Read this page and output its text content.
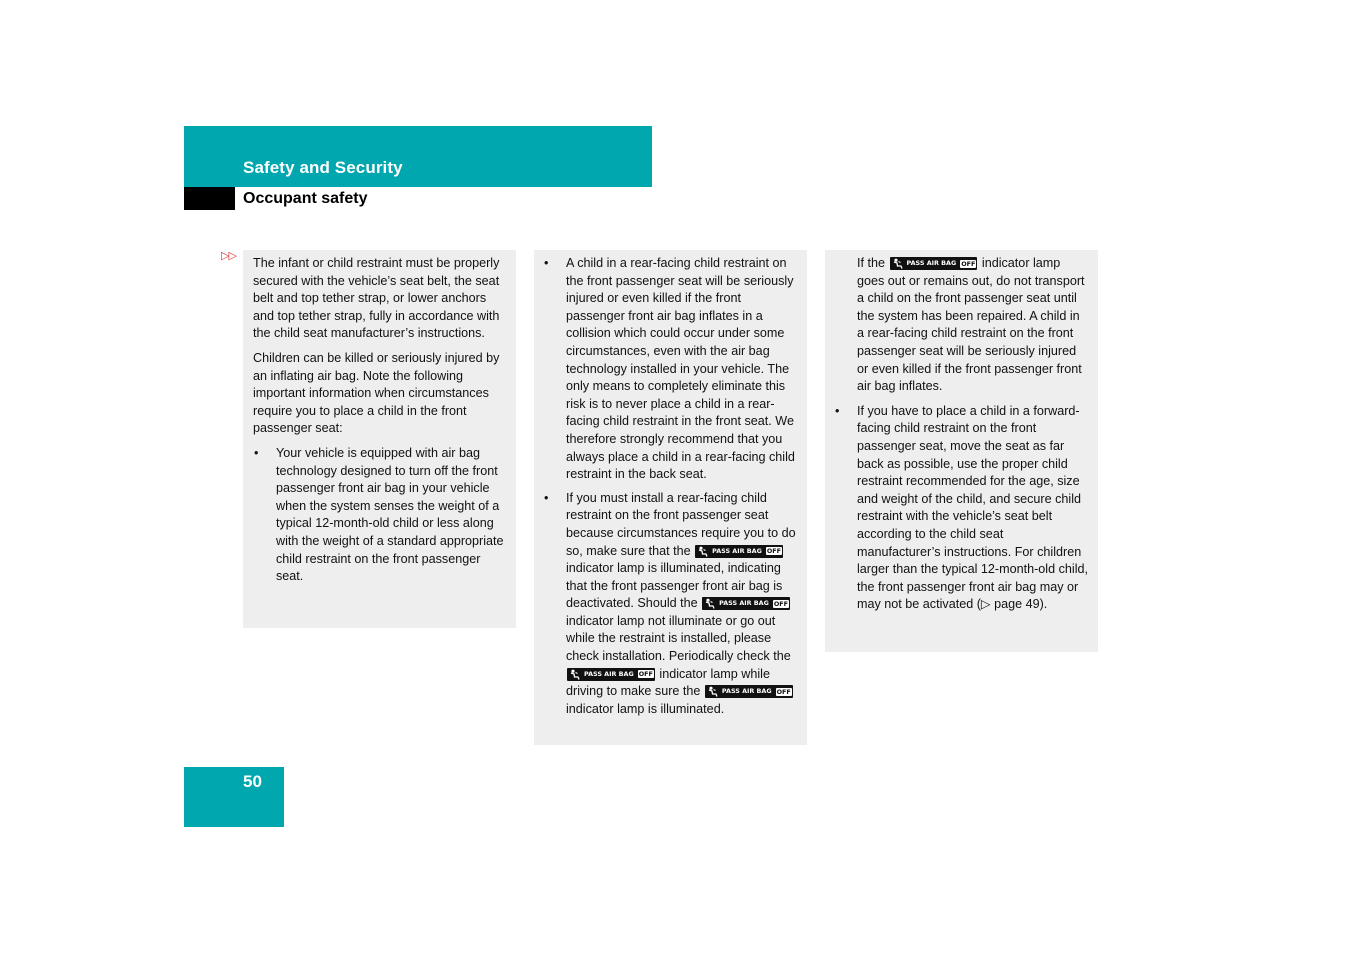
Safety and Security
Occupant safety
▷▷ The infant or child restraint must be properly secured with the vehicle’s seat belt, the seat belt and top tether strap, or lower anchors and top tether strap, fully in accordance with the child seat manufacturer’s instructions.

Children can be killed or seriously injured by an inflating air bag. Note the following important information when circumstances require you to place a child in the front passenger seat:

• Your vehicle is equipped with air bag technology designed to turn off the front passenger front air bag in your vehicle when the system senses the weight of a typical 12-month-old child or less along with the weight of a standard appropriate child restraint on the front passenger seat.
• A child in a rear-facing child restraint on the front passenger seat will be seriously injured or even killed if the front passenger front air bag inflates in a collision which could occur under some circumstances, even with the air bag technology installed in your vehicle. The only means to completely eliminate this risk is to never place a child in a rear-facing child restraint in the front seat. We therefore strongly recommend that you always place a child in a rear-facing child restraint in the back seat.
• If you must install a rear-facing child restraint on the front passenger seat because circumstances require you to do so, make sure that the	PASS AIR BAG OFF
indicator lamp is illuminated, indicating that the front passenger front air bag is deactivated. Should the	PASS AIR BAG OFF
indicator lamp not illuminate or go out while the restraint is installed, please check installation. Periodically check the
PASS AIR BAG OFF indicator lamp while driving to make sure the	PASS AIR BAG OFF
indicator lamp is illuminated.

If the	PASS AIR BAG OFF indicator lamp goes out or remains out, do not transport a child on the front passenger seat until the system has been repaired. A child in a rear-facing child restraint on the front passenger seat will be seriously injured or even killed if the front passenger front air bag inflates.

• If you have to place a child in a forward-facing child restraint on the front passenger seat, move the seat as far back as possible, use the proper child restraint recommended for the age, size and weight of the child, and secure child restraint with the vehicle’s seat belt according to the child seat manufacturer’s instructions. For children larger than the typical 12-month-old child, the front passenger front air bag may or may not be activated (▷ page 49).
50
